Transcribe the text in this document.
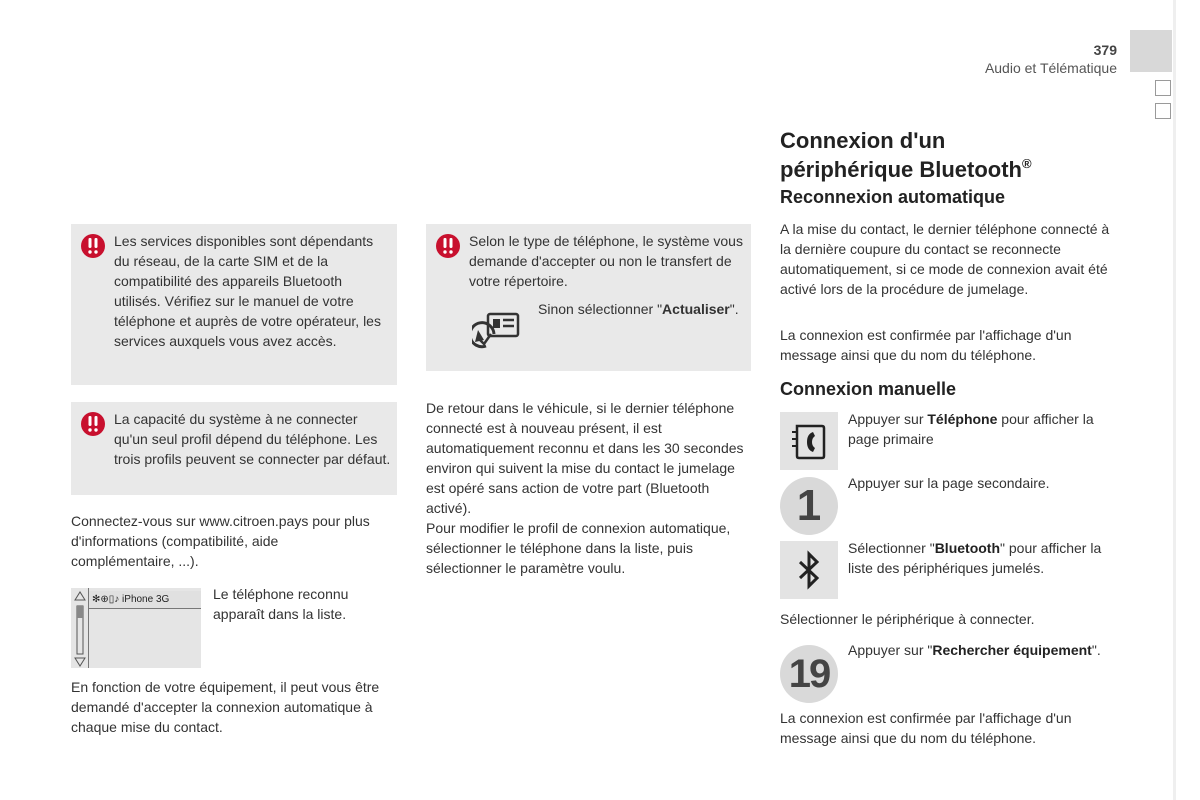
379
Audio et Télématique
Les services disponibles sont dépendants du réseau, de la carte SIM et de la compatibilité des appareils Bluetooth utilisés. Vérifiez sur le manuel de votre téléphone et auprès de votre opérateur, les services auxquels vous avez accès.
La capacité du système à ne connecter qu'un seul profil dépend du téléphone. Les trois profils peuvent se connecter par défaut.
Connectez-vous sur www.citroen.pays pour plus d'informations (compatibilité, aide complémentaire, ...).
✻⊕▯♪ iPhone 3G	Le téléphone reconnu apparaît dans la liste.
En fonction de votre équipement, il peut vous être demandé d'accepter la connexion automatique à chaque mise du contact.
Selon le type de téléphone, le système vous demande d'accepter ou non le transfert de votre répertoire.
Sinon sélectionner "Actualiser".
De retour dans le véhicule, si le dernier téléphone connecté est à nouveau présent, il est automatiquement reconnu et dans les 30 secondes environ qui suivent la mise du contact le jumelage est opéré sans action de votre part (Bluetooth activé).
Pour modifier le profil de connexion automatique, sélectionner le téléphone dans la liste, puis sélectionner le paramètre voulu.
Connexion d'un
périphérique Bluetooth®
Reconnexion automatique
A la mise du contact, le dernier téléphone connecté à la dernière coupure du contact se reconnecte automatiquement, si ce mode de connexion avait été activé lors de la procédure de jumelage.
La connexion est confirmée par l'affichage d'un message ainsi que du nom du téléphone.
Connexion manuelle
Appuyer sur Téléphone pour afficher la page primaire
1	Appuyer sur la page secondaire.
Sélectionner "Bluetooth" pour afficher la liste des périphériques jumelés.
Sélectionner le périphérique à connecter.
19
Appuyer sur "Rechercher équipement".
La connexion est confirmée par l'affichage d'un message ainsi que du nom du téléphone.
